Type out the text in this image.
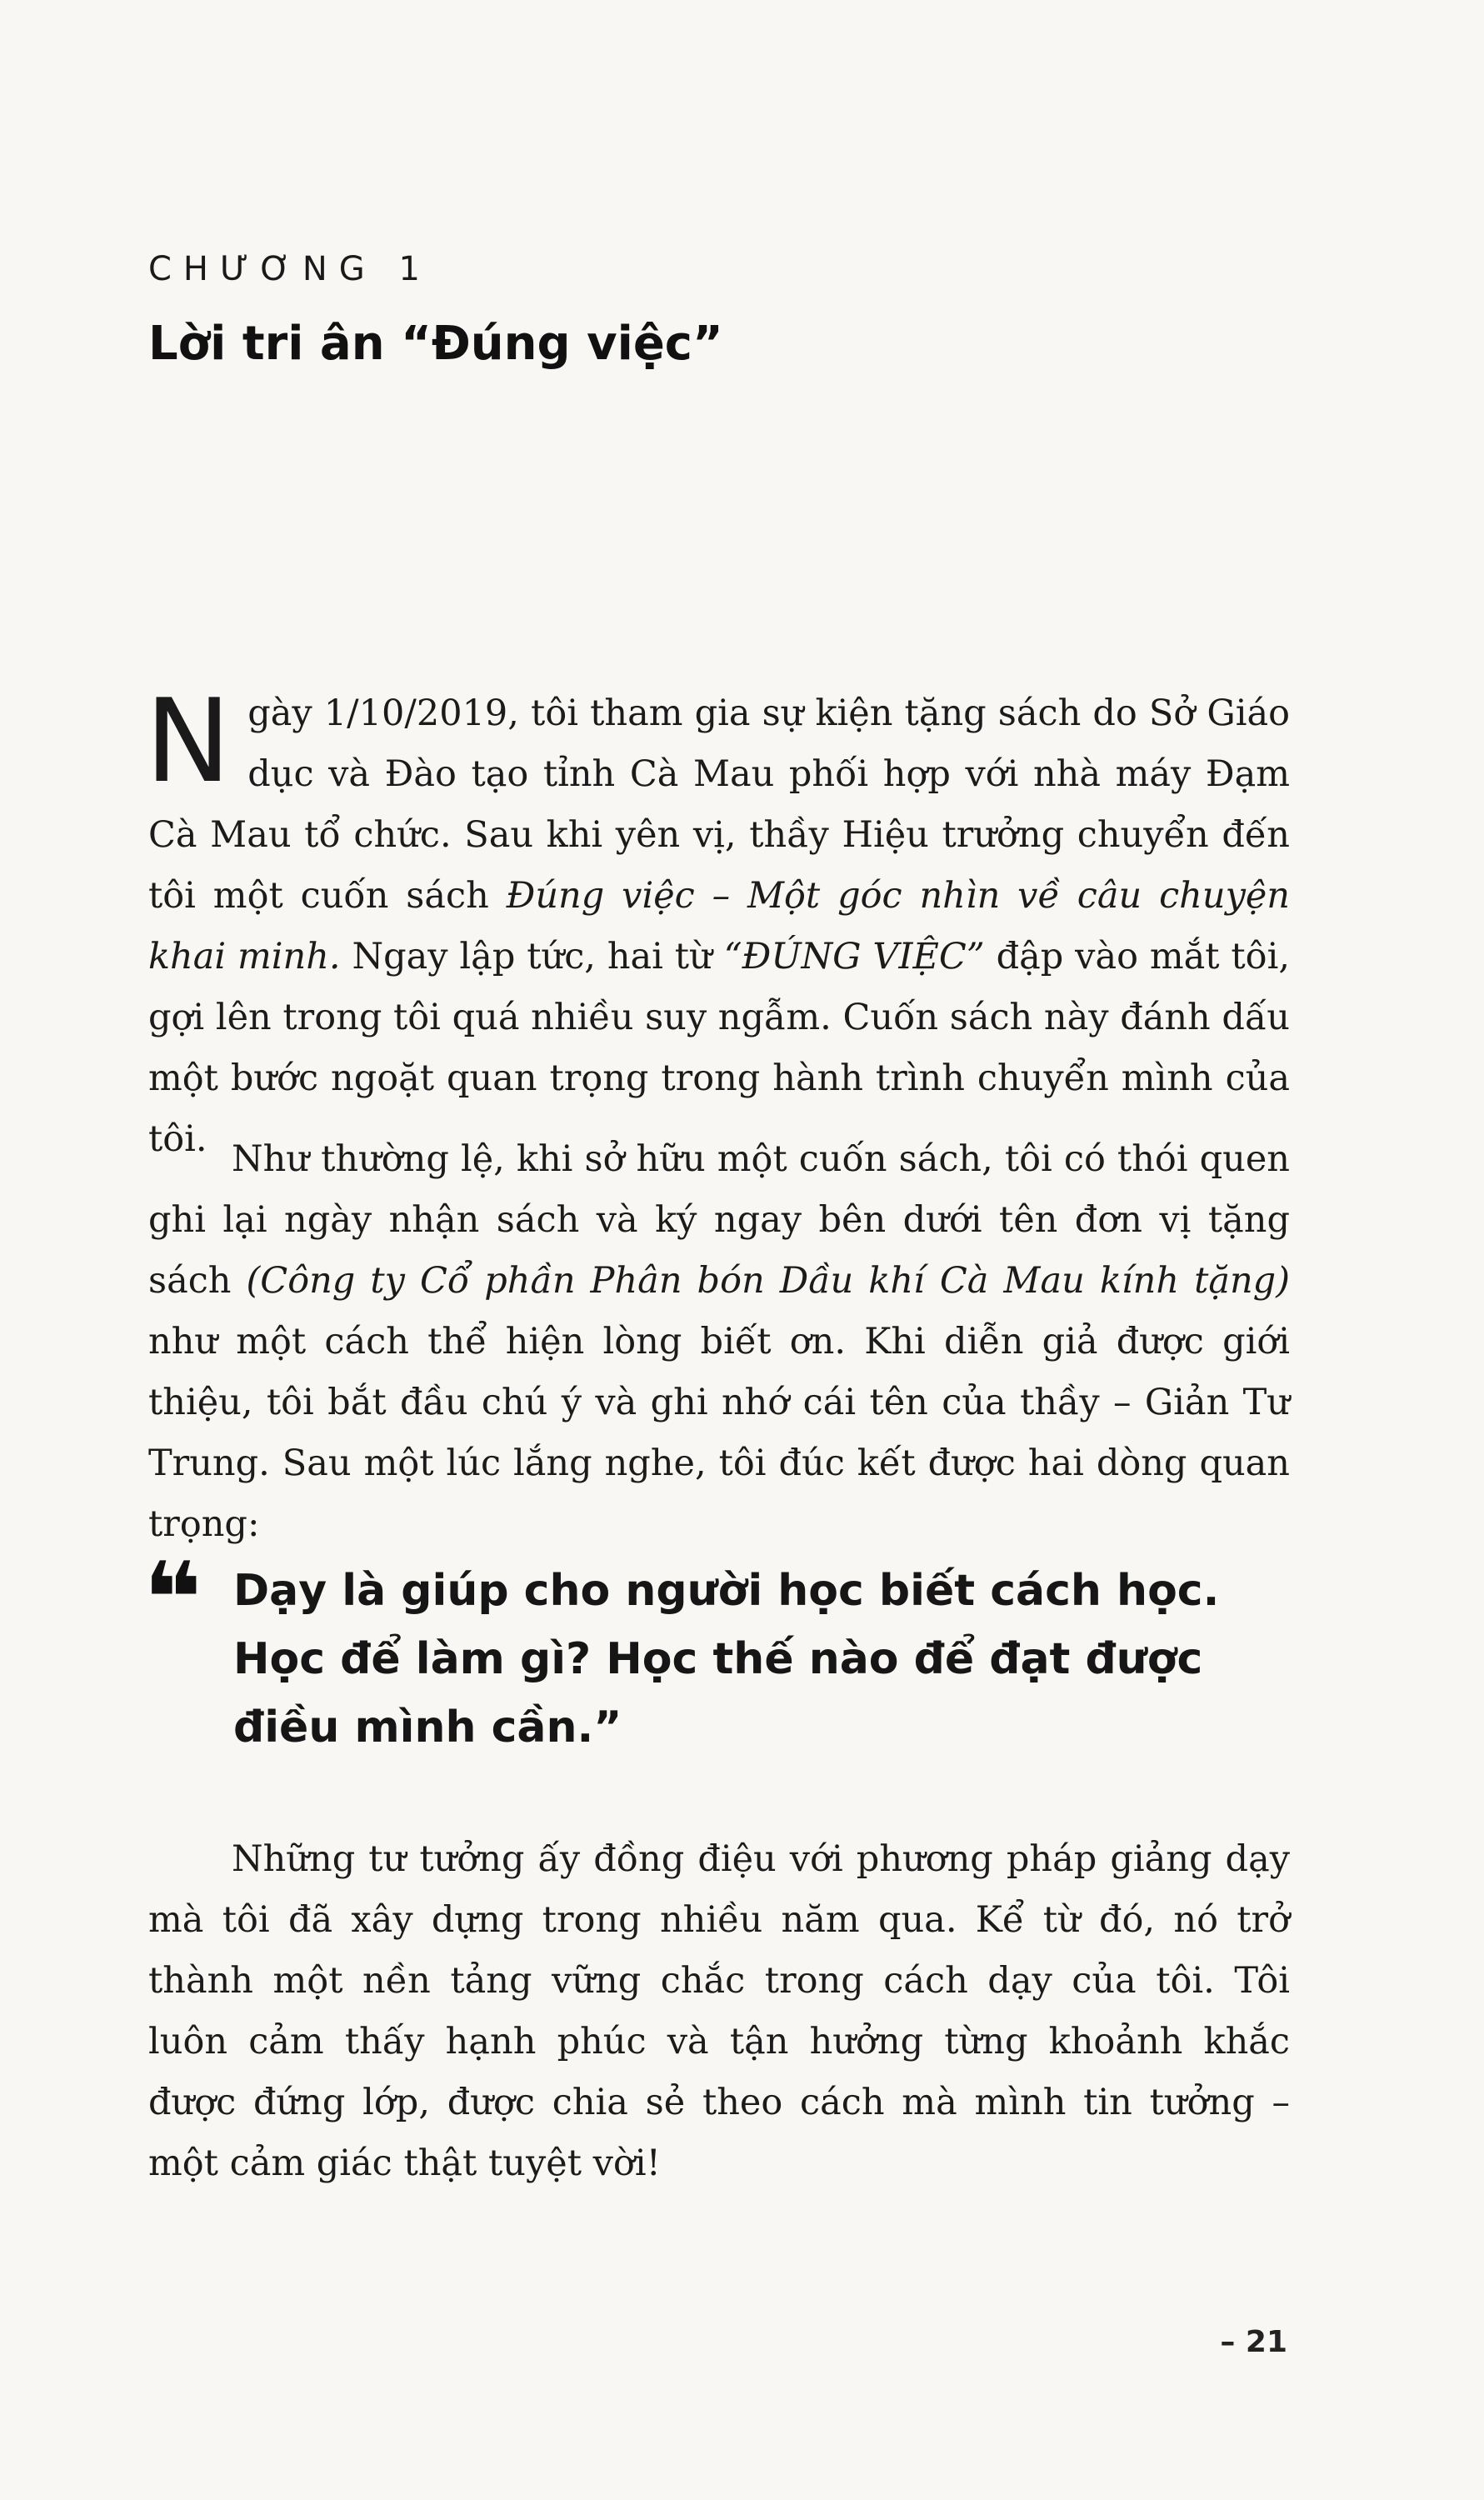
CHƯƠNG 1

Lời tri ân “Đúng việc”

Ngày 1/10/2019, tôi tham gia sự kiện tặng sách do Sở Giáo dục và Đào tạo tỉnh Cà Mau phối hợp với nhà máy Đạm Cà Mau tổ chức. Sau khi yên vị, thầy Hiệu trưởng chuyển đến tôi một cuốn sách Đúng việc – Một góc nhìn về câu chuyện khai minh. Ngay lập tức, hai từ “ĐÚNG VIỆC” đập vào mắt tôi, gợi lên trong tôi quá nhiều suy ngẫm. Cuốn sách này đánh dấu một bước ngoặt quan trọng trong hành trình chuyển mình của tôi. Như thường lệ, khi sở hữu một cuốn sách, tôi có thói quen ghi lại ngày nhận sách và ký ngay bên dưới tên đơn vị tặng sách (Công ty Cổ phần Phân bón Dầu khí Cà Mau kính tặng) như một cách thể hiện lòng biết ơn. Khi diễn giả được giới thiệu, tôi bắt đầu chú ý và ghi nhớ cái tên của thầy – Giản Tư Trung. Sau một lúc lắng nghe, tôi đúc kết được hai dòng quan trọng:

❝ Dạy là giúp cho người học biết cách học. Học để làm gì? Học thế nào để đạt được điều mình cần.”

Những tư tưởng ấy đồng điệu với phương pháp giảng dạy mà tôi đã xây dựng trong nhiều năm qua. Kể từ đó, nó trở thành một nền tảng vững chắc trong cách dạy của tôi. Tôi luôn cảm thấy hạnh phúc và tận hưởng từng khoảnh khắc được đứng lớp, được chia sẻ theo cách mà mình tin tưởng – một cảm giác thật tuyệt vời!

– 21
